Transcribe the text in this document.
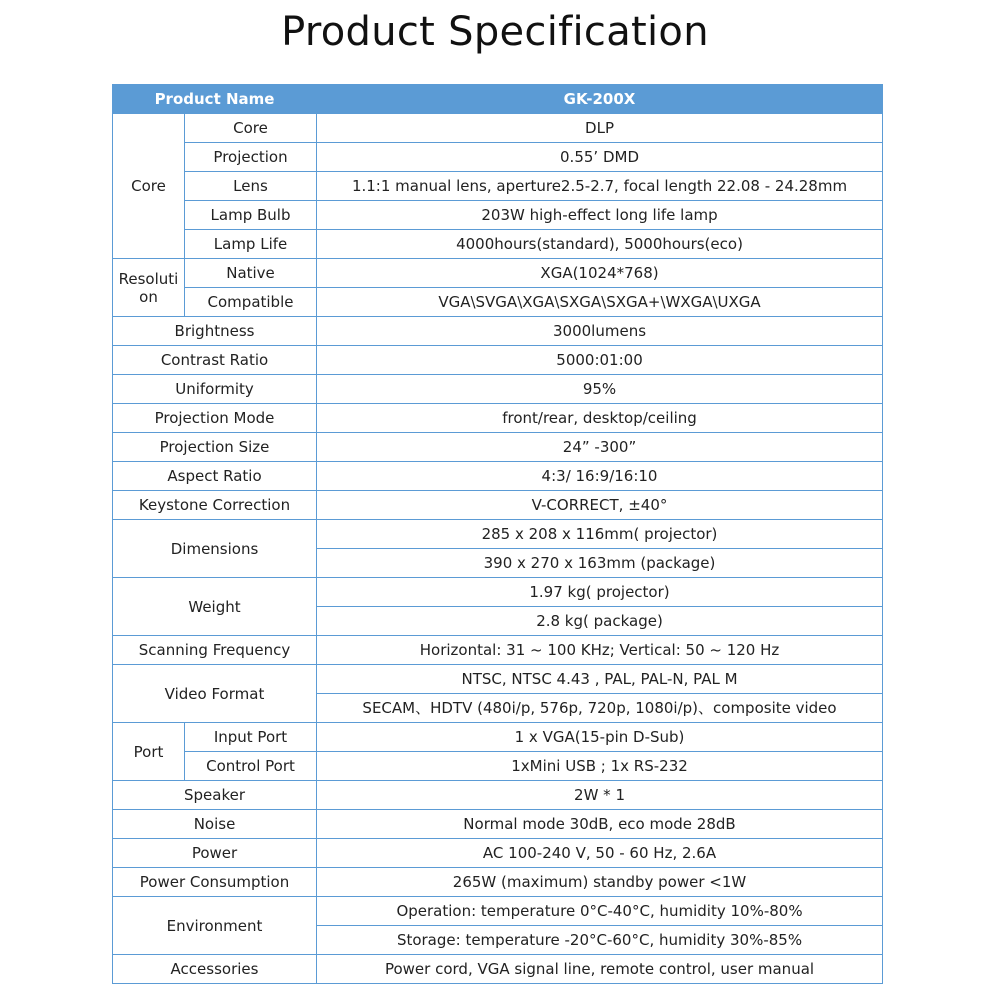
Product Specification
Product Name		GK-200X
Core	Core	DLP
	Projection	0.55’ DMD
	Lens	1.1:1 manual lens, aperture2.5-2.7, focal length 22.08 - 24.28mm
	Lamp Bulb	203W high-effect long life lamp
	Lamp Life	4000hours(standard), 5000hours(eco)
Resolution	Native	XGA(1024*768)
	Compatible	VGA\SVGA\XGA\SXGA\SXGA+\WXGA\UXGA
Brightness		3000lumens
Contrast Ratio		5000:01:00
Uniformity		95%
Projection Mode		front/rear, desktop/ceiling
Projection Size		24” -300”
Aspect Ratio		4:3/ 16:9/16:10
Keystone Correction		V-CORRECT, ±40°
Dimensions		285 x 208 x 116mm( projector)
		390 x 270 x 163mm (package)
Weight		1.97 kg( projector)
		2.8 kg( package)
Scanning Frequency		Horizontal: 31 ~ 100 KHz; Vertical: 50 ~ 120 Hz
Video Format		NTSC, NTSC 4.43 , PAL, PAL-N, PAL M
		SECAM、HDTV (480i/p, 576p, 720p, 1080i/p)、composite video
Port	Input Port	1 x VGA(15-pin D-Sub)
	Control Port	1xMini USB ; 1x RS-232
Speaker		2W * 1
Noise		Normal mode 30dB, eco mode 28dB
Power		AC 100-240 V, 50 - 60 Hz, 2.6A
Power Consumption		265W (maximum) standby power <1W
Environment		Operation: temperature 0°C-40°C, humidity 10%-80%
		Storage: temperature -20°C-60°C, humidity 30%-85%
Accessories		Power cord, VGA signal line, remote control, user manual
